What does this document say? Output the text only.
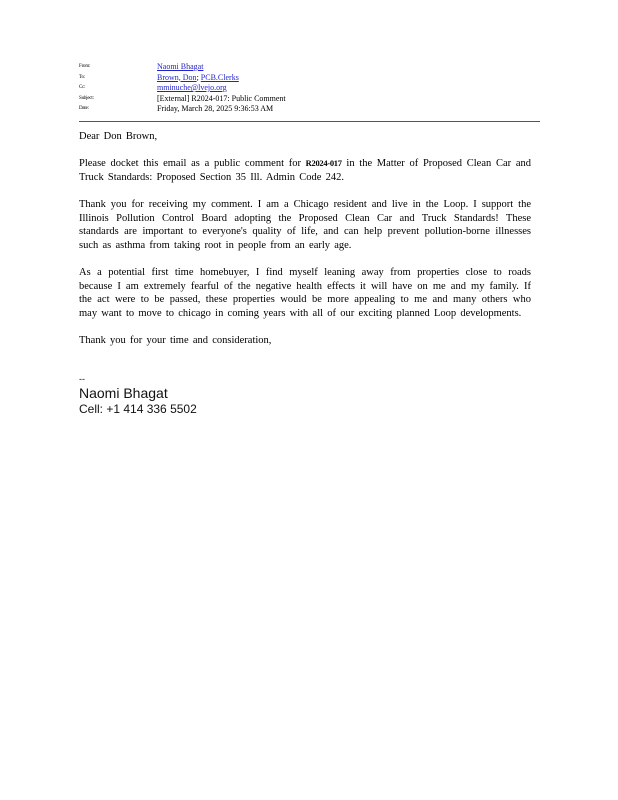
From:	Naomi Bhagat
To:	Brown, Don; PCB.Clerks
Cc:	mminuche@lvejo.org
Subject:	[External] R2024-017: Public Comment
Date:	Friday, March 28, 2025 9:36:53 AM

Dear Don Brown,

Please docket this email as a public comment for R2024-017 in the Matter of Proposed Clean Car and Truck Standards: Proposed Section 35 Ill. Admin Code 242.

Thank you for receiving my comment. I am a Chicago resident and live in the Loop. I support the Illinois Pollution Control Board adopting the Proposed Clean Car and Truck Standards! These standards are important to everyone's quality of life, and can help prevent pollution-borne illnesses such as asthma from taking root in people from an early age.

As a potential first time homebuyer, I find myself leaning away from properties close to roads because I am extremely fearful of the negative health effects it will have on me and my family. If the act were to be passed, these properties would be more appealing to me and many others who may want to move to chicago in coming years with all of our exciting planned Loop developments.

Thank you for your time and consideration,

--
Naomi Bhagat
Cell: +1 414 336 5502
